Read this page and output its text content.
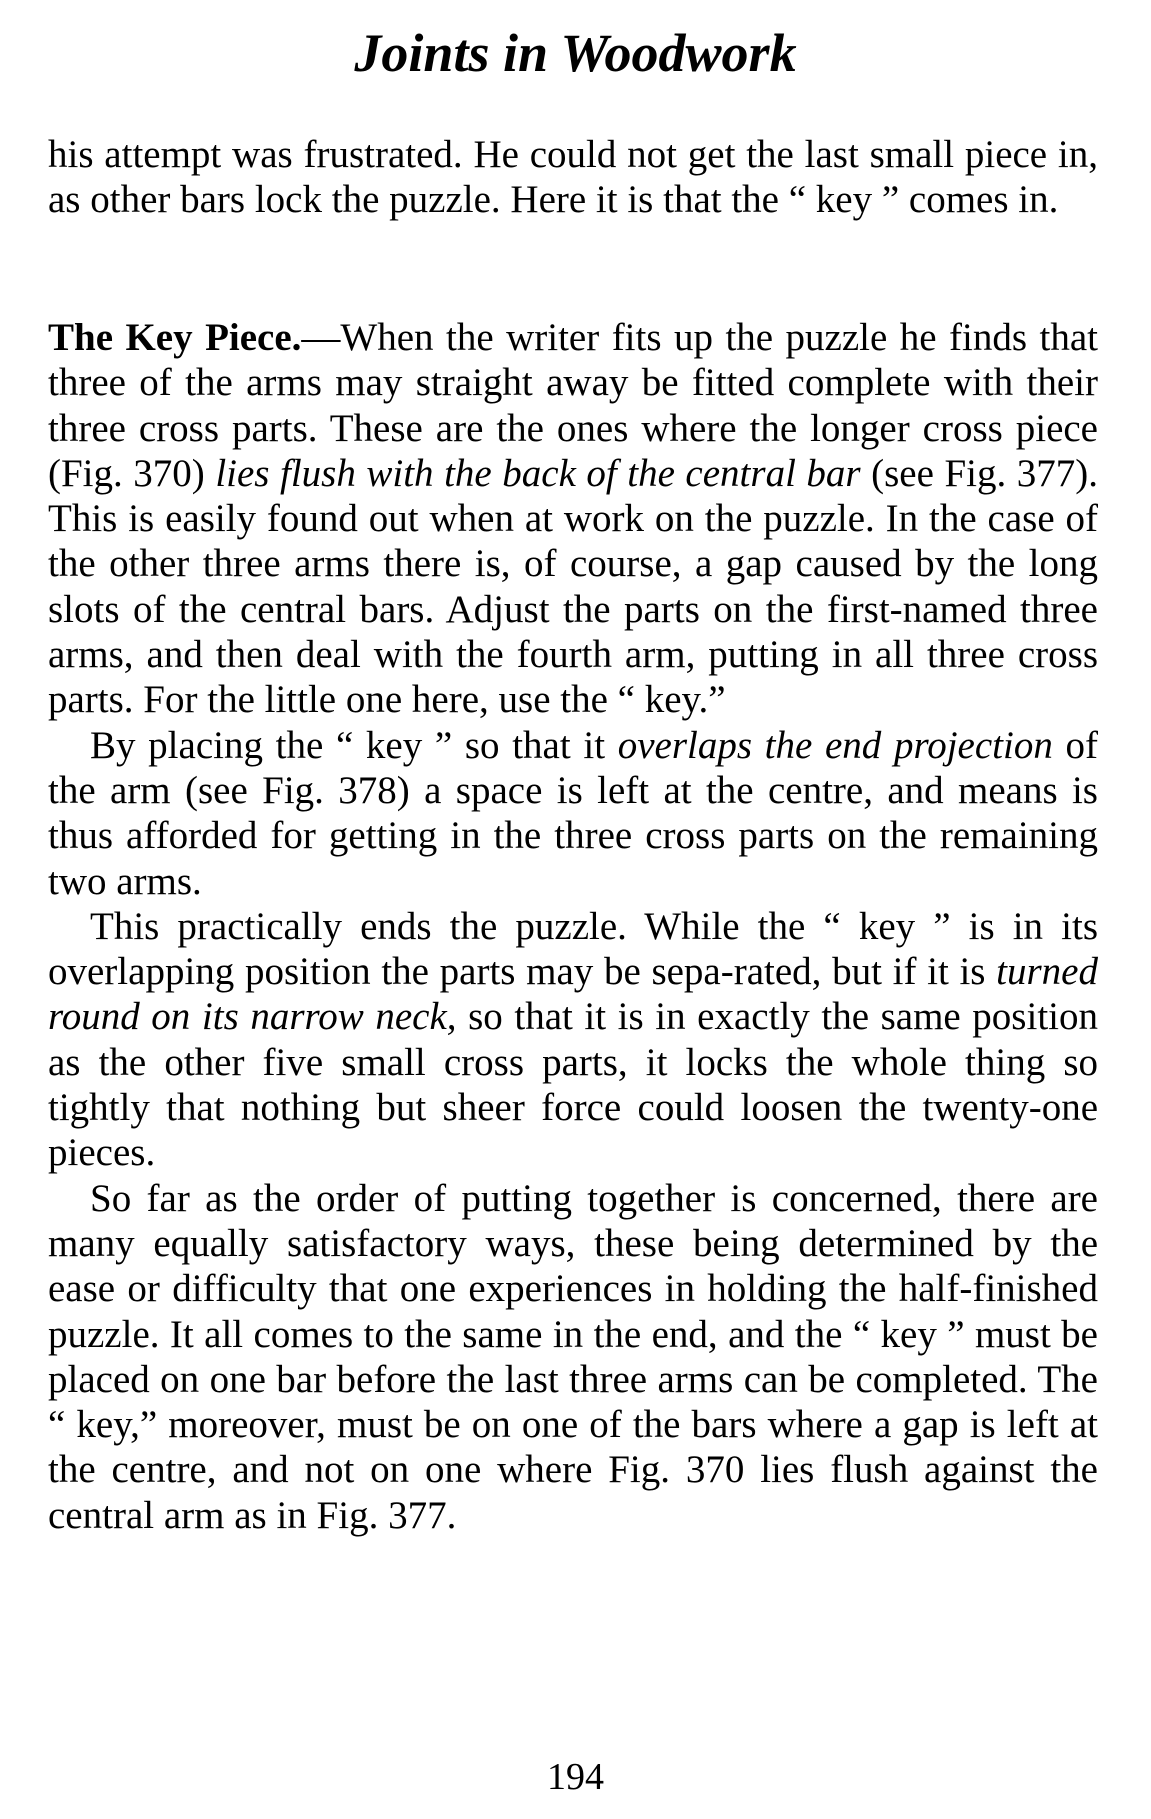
Joints in Woodwork

his attempt was frustrated. He could not get the last small piece in, as other bars lock the puzzle. Here it is that the “ key ” comes in.

The Key Piece.—When the writer fits up the puzzle he finds that three of the arms may straight away be fitted complete with their three cross parts. These are the ones where the longer cross piece (Fig. 370) lies flush with the back of the central bar (see Fig. 377). This is easily found out when at work on the puzzle. In the case of the other three arms there is, of course, a gap caused by the long slots of the central bars. Adjust the parts on the first-named three arms, and then deal with the fourth arm, putting in all three cross parts. For the little one here, use the “ key.”

By placing the “ key ” so that it overlaps the end projection of the arm (see Fig. 378) a space is left at the centre, and means is thus afforded for getting in the three cross parts on the remaining two arms.

This practically ends the puzzle. While the “ key ” is in its overlapping position the parts may be sepa-rated, but if it is turned round on its narrow neck, so that it is in exactly the same position as the other five small cross parts, it locks the whole thing so tightly that nothing but sheer force could loosen the twenty-one pieces.

So far as the order of putting together is concerned, there are many equally satisfactory ways, these being determined by the ease or difficulty that one experiences in holding the half-finished puzzle. It all comes to the same in the end, and the “ key ” must be placed on one bar before the last three arms can be completed. The “ key,” moreover, must be on one of the bars where a gap is left at the centre, and not on one where Fig. 370 lies flush against the central arm as in Fig. 377.

194
